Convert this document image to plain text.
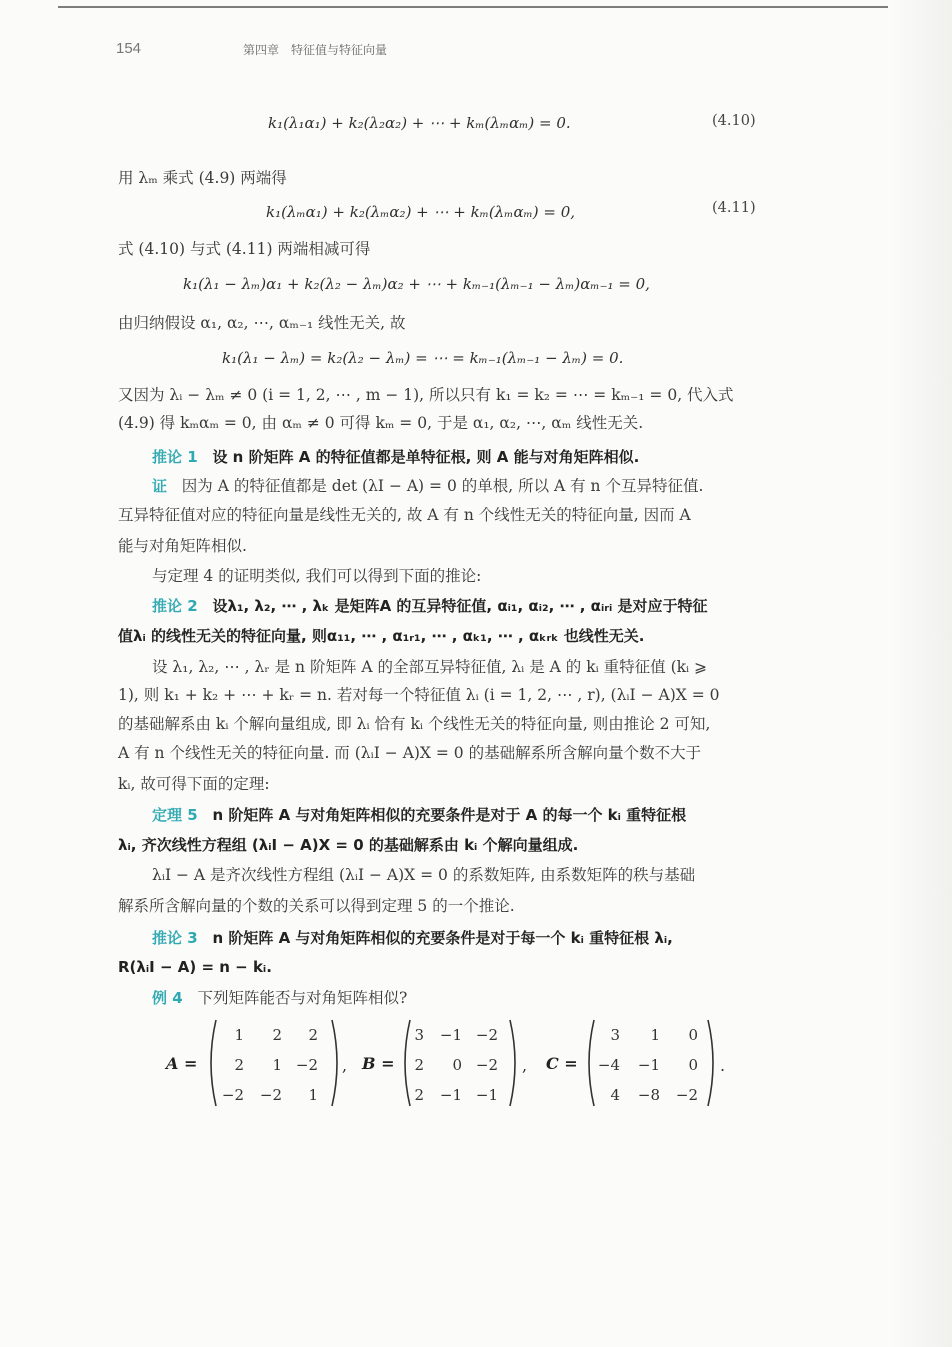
154	第四章　特征值与特征向量
k₁(λ₁α₁) + k₂(λ₂α₂) + ⋯ + kₘ(λₘαₘ) = 0.	(4.10)
用 λₘ 乘式 (4.9) 两端得
k₁(λₘα₁) + k₂(λₘα₂) + ⋯ + kₘ(λₘαₘ) = 0,	(4.11)
式 (4.10) 与式 (4.11) 两端相减可得
k₁(λ₁ − λₘ)α₁ + k₂(λ₂ − λₘ)α₂ + ⋯ + kₘ₋₁(λₘ₋₁ − λₘ)αₘ₋₁ = 0,
由归纳假设 α₁, α₂, ⋯, αₘ₋₁ 线性无关, 故
k₁(λ₁ − λₘ) = k₂(λ₂ − λₘ) = ⋯ = kₘ₋₁(λₘ₋₁ − λₘ) = 0.
又因为 λᵢ − λₘ ≠ 0 (i = 1, 2, ⋯ , m − 1), 所以只有 k₁ = k₂ = ⋯ = kₘ₋₁ = 0, 代入式
(4.9) 得 kₘαₘ = 0, 由 αₘ ≠ 0 可得 kₘ = 0, 于是 α₁, α₂, ⋯, αₘ 线性无关.
推论 1 设 n 阶矩阵 A 的特征值都是单特征根, 则 A 能与对角矩阵相似.
证 因为 A 的特征值都是 det (λI − A) = 0 的单根, 所以 A 有 n 个互异特征值.
互异特征值对应的特征向量是线性无关的, 故 A 有 n 个线性无关的特征向量, 因而 A
能与对角矩阵相似.
与定理 4 的证明类似, 我们可以得到下面的推论:
推论 2 设λ₁, λ₂, ⋯ , λₖ 是矩阵A 的互异特征值, αᵢ₁, αᵢ₂, ⋯ , αᵢᵣᵢ 是对应于特征
值λᵢ 的线性无关的特征向量, 则α₁₁, ⋯ , α₁ᵣ₁, ⋯ , αₖ₁, ⋯ , αₖᵣₖ 也线性无关.
设 λ₁, λ₂, ⋯ , λᵣ 是 n 阶矩阵 A 的全部互异特征值, λᵢ 是 A 的 kᵢ 重特征值 (kᵢ ⩾
1), 则 k₁ + k₂ + ⋯ + kᵣ = n. 若对每一个特征值 λᵢ (i = 1, 2, ⋯ , r), (λᵢI − A)X = 0
的基础解系由 kᵢ 个解向量组成, 即 λᵢ 恰有 kᵢ 个线性无关的特征向量, 则由推论 2 可知,
A 有 n 个线性无关的特征向量. 而 (λᵢI − A)X = 0 的基础解系所含解向量个数不大于
kᵢ, 故可得下面的定理:
定理 5 n 阶矩阵 A 与对角矩阵相似的充要条件是对于 A 的每一个 kᵢ 重特征根
λᵢ, 齐次线性方程组 (λᵢI − A)X = 0 的基础解系由 kᵢ 个解向量组成.
λᵢI − A 是齐次线性方程组 (λᵢI − A)X = 0 的系数矩阵, 由系数矩阵的秩与基础
解系所含解向量的个数的关系可以得到定理 5 的一个推论.
推论 3 n 阶矩阵 A 与对角矩阵相似的充要条件是对于每一个 kᵢ 重特征根 λᵢ,
R(λᵢI − A) = n − kᵢ.
例 4 下列矩阵能否与对角矩阵相似?
A =
1	2	2
2	1 −2
−2 −2	1
, B =
3 −1 −2
2	0 −2
2 −1 −1
, C =
3	1	0
−4 −1	0
4 −8 −2
.
